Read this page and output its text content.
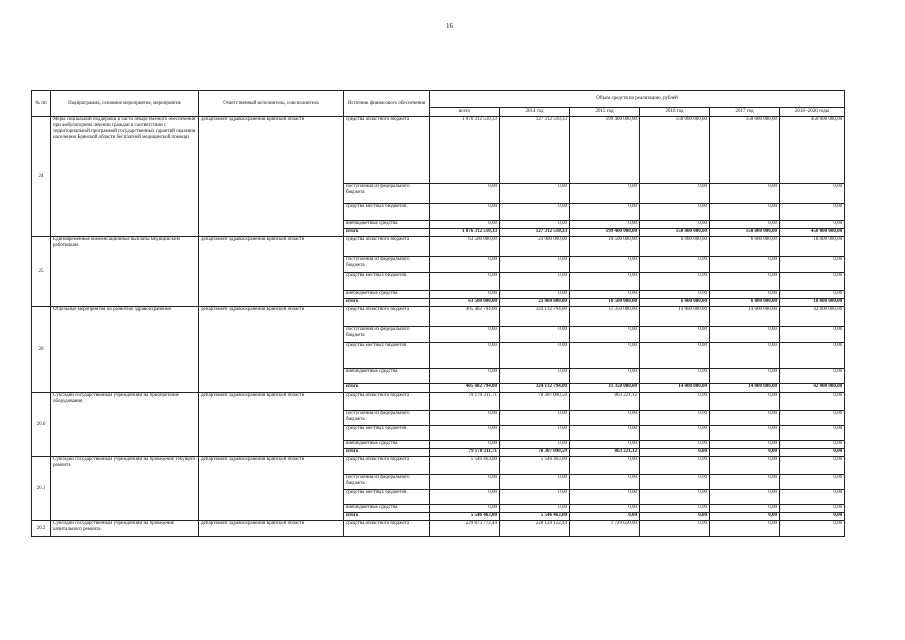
16
№ пп	Подпрограмма, основное мероприятие, мероприятие	Ответственный исполнитель, соисполнитель	Источник финансового обеспечения	Объем средств на реализацию, рублей					
				всего	2014 год	2015 год	2016 год	2017 год	2018 -2020 годы
24	Меры социальной поддержки в части лекарственного обеспечения при амбулаторном лечении граждан в соответствии с территориальной программой государственных гарантий оказания населению Брянской области бесплатной медицинской помощи	департамент здравоохранения Брянской области	средства областного бюджета	1 076 312 510,33	127 312 510,33	199 400 000,00	150 000 000,00	150 000 000,00	450 000 000,00
			поступления из федерального бюджета	0,00	0,00	0,00	0,00	0,00	0,00
			средства местных бюджетов	0,00	0,00	0,00	0,00	0,00	0,00
			внебюджетные средства	0,00	0,00	0,00	0,00	0,00	0,00
			итого	1 076 312 510,33	127 312 510,33	199 400 000,00	150 000 000,00	150 000 000,00	450 000 000,00
25	Единовременные компенсационные выплаты медицинским работникам	департамент здравоохранения Брянской области	средства областного бюджета	63 500 000,00	23 000 000,00	10 500 000,00	6 000 000,00	6 000 000,00	18 000 000,00
			поступления из федерального бюджета	0,00	0,00	0,00	0,00	0,00	0,00
			средства местных бюджетов	0,00	0,00	0,00	0,00	0,00	0,00
			внебюджетные средства	0,00	0,00	0,00	0,00	0,00	0,00
			итого	63 500 000,00	23 000 000,00	10 500 000,00	6 000 000,00	6 000 000,00	18 000 000,00
26	Отдельные мероприятия по развитию здравоохранения	департамент здравоохранения Брянской области	средства областного бюджета	405 482 794,00	324 132 794,00	11 350 000,00	14 000 000,00	14 000 000,00	42 000 000,00
			поступления из федерального бюджета	0,00	0,00	0,00	0,00	0,00	0,00
			средства местных бюджетов	0,00	0,00	0,00	0,00	0,00	0,00
			внебюджетные средства	0,00	0,00	0,00	0,00	0,00	0,00
			итого	405 482 794,00	324 132 794,00	11 350 000,00	14 000 000,00	14 000 000,00	42 000 000,00
26.0	Субсидии государственным учреждениям на приобретение оборудования	департамент здравоохранения Брянской области	средства областного бюджета	79 170 311,71	78 307 090,59	863 221,12	0,00	0,00	0,00
			поступления из федерального бюджета	0,00	0,00	0,00	0,00	0,00	0,00
			средства местных бюджетов	0,00	0,00	0,00	0,00	0,00	0,00
			внебюджетные средства	0,00	0,00	0,00	0,00	0,00	0,00
			итого	79 170 311,71	78 307 090,59	863 221,12	0,00	0,00	0,00
26.1	Субсидии государственным учреждениям на проведение текущего ремонта	департамент здравоохранения Брянской области	средства областного бюджета	5 546 463,00	5 546 463,00	0,00	0,00	0,00	0,00
			поступления из федерального бюджета	0,00	0,00	0,00	0,00	0,00	0,00
			средства местных бюджетов	0,00	0,00	0,00	0,00	0,00	0,00
			внебюджетные средства	0,00	0,00	0,00	0,00	0,00	0,00
			итого	5 546 463,00	5 546 463,00	0,00	0,00	0,00	0,00
26.2	Субсидии государственным учреждениям на проведение капитального ремонта	департамент здравоохранения Брянской области	средства областного бюджета	229 873 772,44	228 124 122,44	1 749 650,00	0,00	0,00	0,00
